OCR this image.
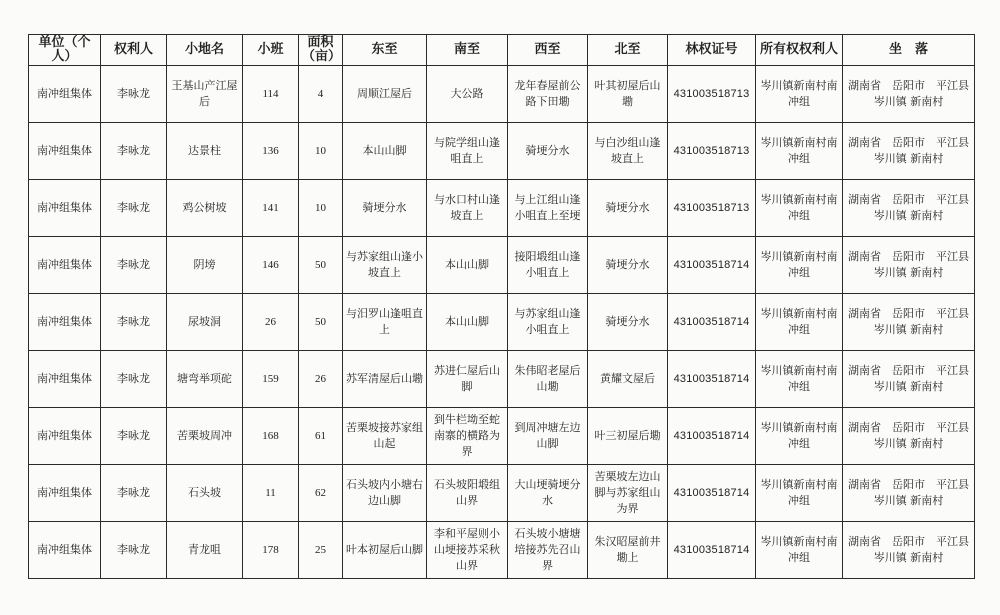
单位（个人）	权利人	小地名	小班	面积（亩）	东至	南至	西至	北至	林权证号	所有权权利人	坐　落
南冲组集体	李咏龙	王基山产江屋后	114	4	周顺江屋后	大公路	龙年春屋前公路下田墈	叶其初屋后山墈	431003518713	岑川镇新南村南冲组	湖南省　岳阳市　平江县 岑川镇 新南村
南冲组集体	李咏龙	达景柱	136	10	本山山脚	与院学组山逢咀直上	骑埂分水	与白沙组山逢坡直上	431003518713	岑川镇新南村南冲组	湖南省　岳阳市　平江县 岑川镇 新南村
南冲组集体	李咏龙	鸡公树坡	141	10	骑埂分水	与水口村山逢坡直上	与上江组山逢小咀直上至埂	骑埂分水	431003518713	岑川镇新南村南冲组	湖南省　岳阳市　平江县 岑川镇 新南村
南冲组集体	李咏龙	阴塝	146	50	与苏家组山逢小坡直上	本山山脚	接阳塅组山逢小咀直上	骑埂分水	431003518714	岑川镇新南村南冲组	湖南省　岳阳市　平江县 岑川镇 新南村
南冲组集体	李咏龙	尿坡洞	26	50	与汨罗山逢咀直上	本山山脚	与苏家组山逢小咀直上	骑埂分水	431003518714	岑川镇新南村南冲组	湖南省　岳阳市　平江县 岑川镇 新南村
南冲组集体	李咏龙	塘弯举项砣	159	26	苏军清屋后山墈	苏进仁屋后山脚	朱伟昭老屋后山墈	黄耀文屋后	431003518714	岑川镇新南村南冲组	湖南省　岳阳市　平江县 岑川镇 新南村
南冲组集体	李咏龙	苦栗坡周冲	168	61	苦栗坡接苏家组山起	到牛栏坳至蛇南寨的横路为界	到周冲塘左边山脚	叶三初屋后墈	431003518714	岑川镇新南村南冲组	湖南省　岳阳市　平江县 岑川镇 新南村
南冲组集体	李咏龙	石头坡	11	62	石头坡内小塘右边山脚	石头坡阳塅组山界	大山埂骑埂分水	苦栗坡左边山脚与苏家组山为界	431003518714	岑川镇新南村南冲组	湖南省　岳阳市　平江县 岑川镇 新南村
南冲组集体	李咏龙	青龙咀	178	25	叶本初屋后山脚	李和平屋则小山埂接苏采秋山界	石头坡小塘塘培接苏先召山界	朱汉昭屋前井墈上	431003518714	岑川镇新南村南冲组	湖南省　岳阳市　平江县 岑川镇 新南村
